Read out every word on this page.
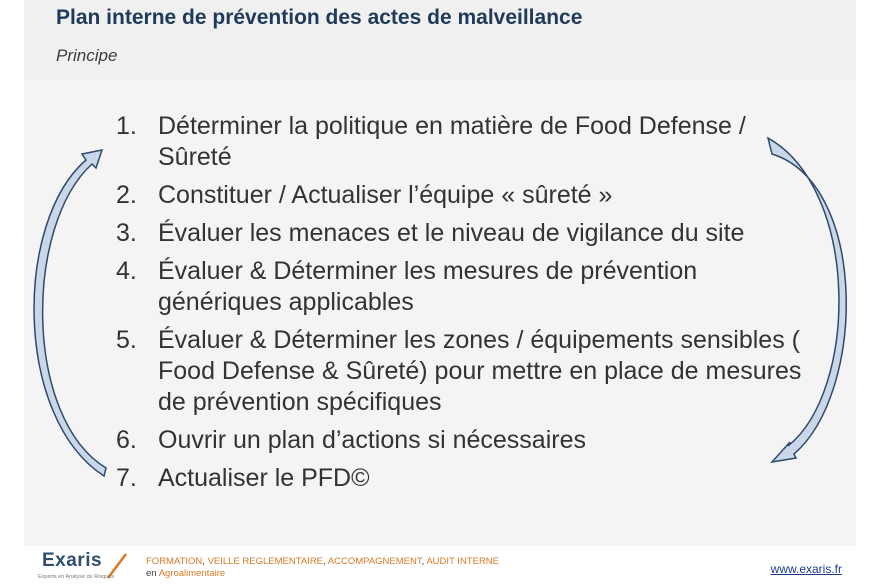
Plan interne de prévention des actes de malveillance
Principe
1. Déterminer la politique en matière de Food Defense / Sûreté
2. Constituer / Actualiser l’équipe « sûreté »
3. Évaluer les menaces et le niveau de vigilance du site
4. Évaluer & Déterminer les mesures de prévention génériques applicables
5. Évaluer & Déterminer les zones / équipements sensibles ( Food Defense & Sûreté) pour mettre en place de mesures de prévention spécifiques
6. Ouvrir un plan d’actions si nécessaires
7. Actualiser le PFD©
Exaris
Experts en Analyse du Risques
FORMATION, VEILLE REGLEMENTAIRE, ACCOMPAGNEMENT, AUDIT INTERNE
en Agroalimentaire	www.exaris.fr
